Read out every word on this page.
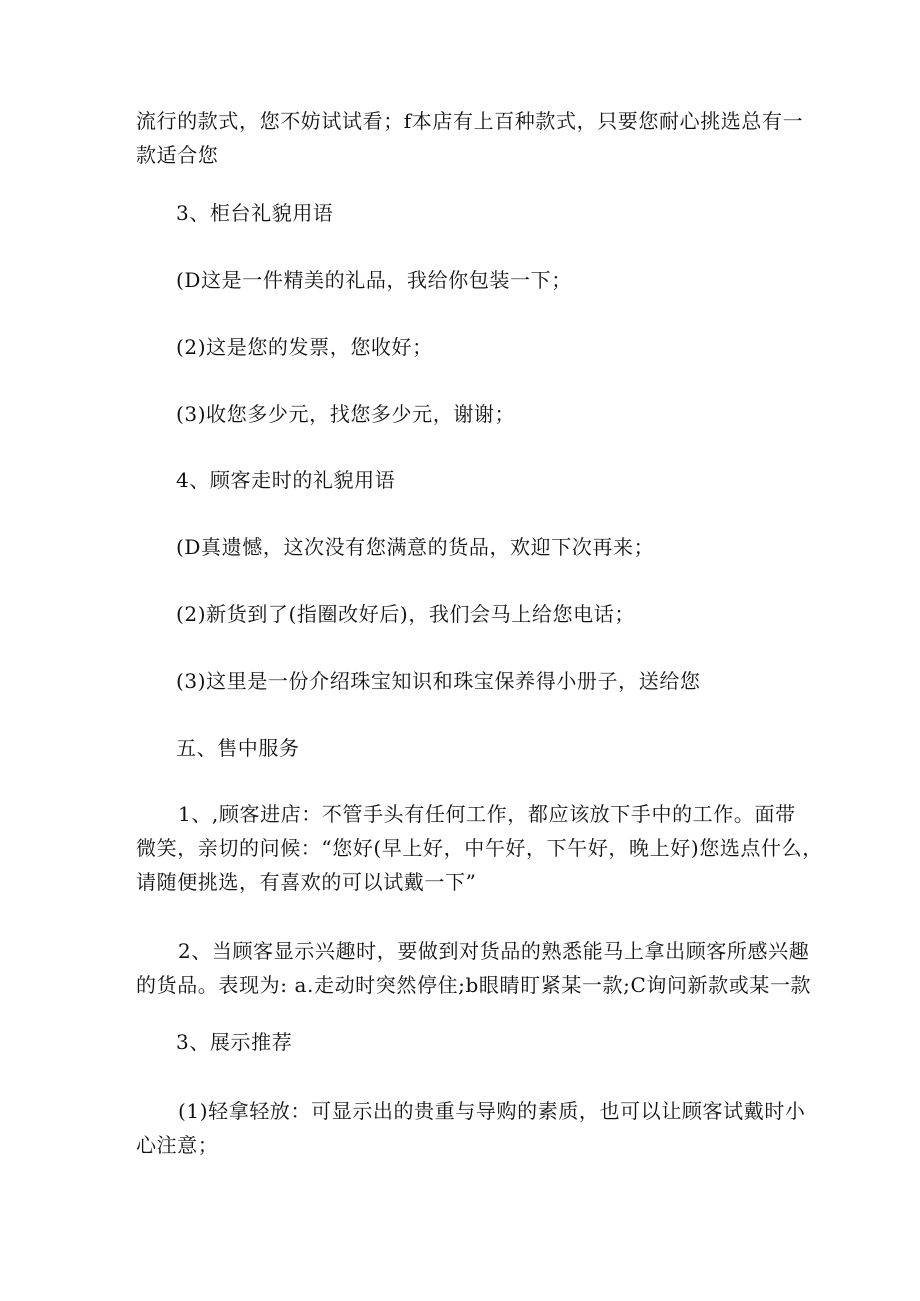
流行的款式，您不妨试试看；f本店有上百种款式，只要您耐心挑选总有一
款适合您

3、柜台礼貌用语

(D这是一件精美的礼品，我给你包装一下；

(2)这是您的发票，您收好；

(3)收您多少元，找您多少元，谢谢；

4、顾客走时的礼貌用语

(D真遗憾，这次没有您满意的货品，欢迎下次再来；

(2)新货到了(指圈改好后)，我们会马上给您电话；

(3)这里是一份介绍珠宝知识和珠宝保养得小册子，送给您

五、售中服务

1、,顾客进店：不管手头有任何工作，都应该放下手中的工作。面带
微笑，亲切的问候：“您好(早上好，中午好，下午好，晚上好)您选点什么，
请随便挑选，有喜欢的可以试戴一下”

2、当顾客显示兴趣时，要做到对货品的熟悉能马上拿出顾客所感兴趣
的货品。表现为: a.走动时突然停住;b眼睛盯紧某一款;C询问新款或某一款

3、展示推荐

(1)轻拿轻放：可显示出的贵重与导购的素质，也可以让顾客试戴时小
心注意；
